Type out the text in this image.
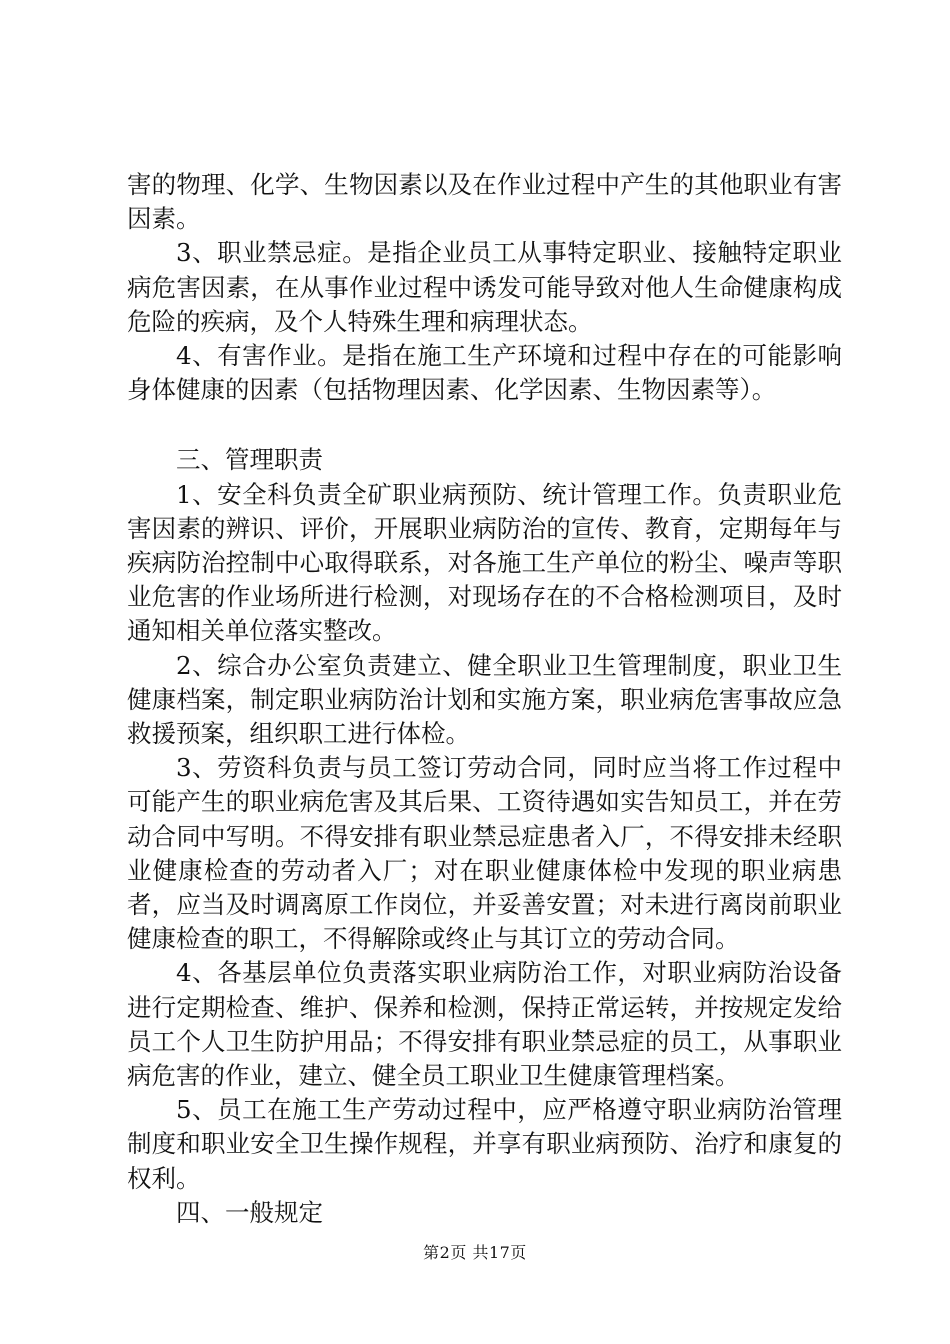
害的物理、化学、生物因素以及在作业过程中产生的其他职业有害因素。

3、职业禁忌症。是指企业员工从事特定职业、接触特定职业病危害因素，在从事作业过程中诱发可能导致对他人生命健康构成危险的疾病，及个人特殊生理和病理状态。

4、有害作业。是指在施工生产环境和过程中存在的可能影响身体健康的因素（包括物理因素、化学因素、生物因素等）。

三、管理职责

1、安全科负责全矿职业病预防、统计管理工作。负责职业危害因素的辨识、评价，开展职业病防治的宣传、教育，定期每年与疾病防治控制中心取得联系，对各施工生产单位的粉尘、噪声等职业危害的作业场所进行检测，对现场存在的不合格检测项目，及时通知相关单位落实整改。

2、综合办公室负责建立、健全职业卫生管理制度，职业卫生健康档案，制定职业病防治计划和实施方案，职业病危害事故应急救援预案，组织职工进行体检。

3、劳资科负责与员工签订劳动合同，同时应当将工作过程中可能产生的职业病危害及其后果、工资待遇如实告知员工，并在劳动合同中写明。不得安排有职业禁忌症患者入厂，不得安排未经职业健康检查的劳动者入厂；对在职业健康体检中发现的职业病患者，应当及时调离原工作岗位，并妥善安置；对未进行离岗前职业健康检查的职工，不得解除或终止与其订立的劳动合同。

4、各基层单位负责落实职业病防治工作，对职业病防治设备进行定期检查、维护、保养和检测，保持正常运转，并按规定发给员工个人卫生防护用品；不得安排有职业禁忌症的员工，从事职业病危害的作业，建立、健全员工职业卫生健康管理档案。

5、员工在施工生产劳动过程中，应严格遵守职业病防治管理制度和职业安全卫生操作规程，并享有职业病预防、治疗和康复的权利。

四、一般规定

第2页 共17页
